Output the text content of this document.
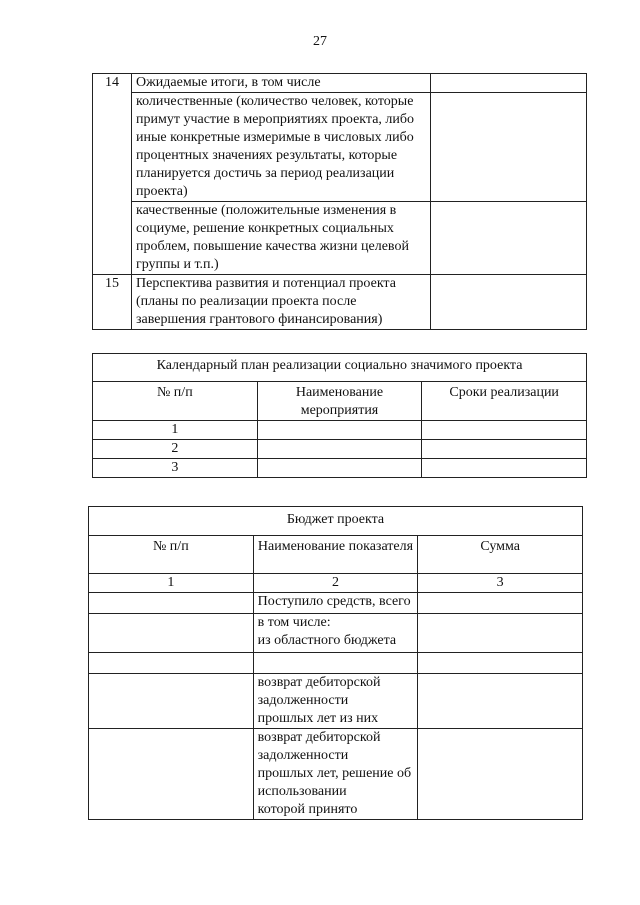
27
14	Ожидаемые итоги, в том числе	
	количественные (количество человек, которые примут участие в мероприятиях проекта, либо иные конкретные измеримые в числовых либо процентных значениях результаты, которые планируется достичь за период реализации проекта)	
	качественные (положительные изменения в социуме, решение конкретных социальных проблем, повышение качества жизни целевой группы и т.п.)	
15	Перспектива развития и потенциал проекта (планы по реализации проекта после завершения грантового финансирования)	
Календарный план реализации социально значимого проекта		
№ п/п	Наименование мероприятия	Сроки реализации
1		
2		
3		
Бюджет проекта		
№ п/п	Наименование показателя	Сумма
1	2	3
	Поступило средств, всего	

	в том числе:
из областного бюджета	

	возврат дебиторской задолженности
прошлых лет из них	

	возврат дебиторской задолженности
прошлых лет, решение об использовании
которой принято	
